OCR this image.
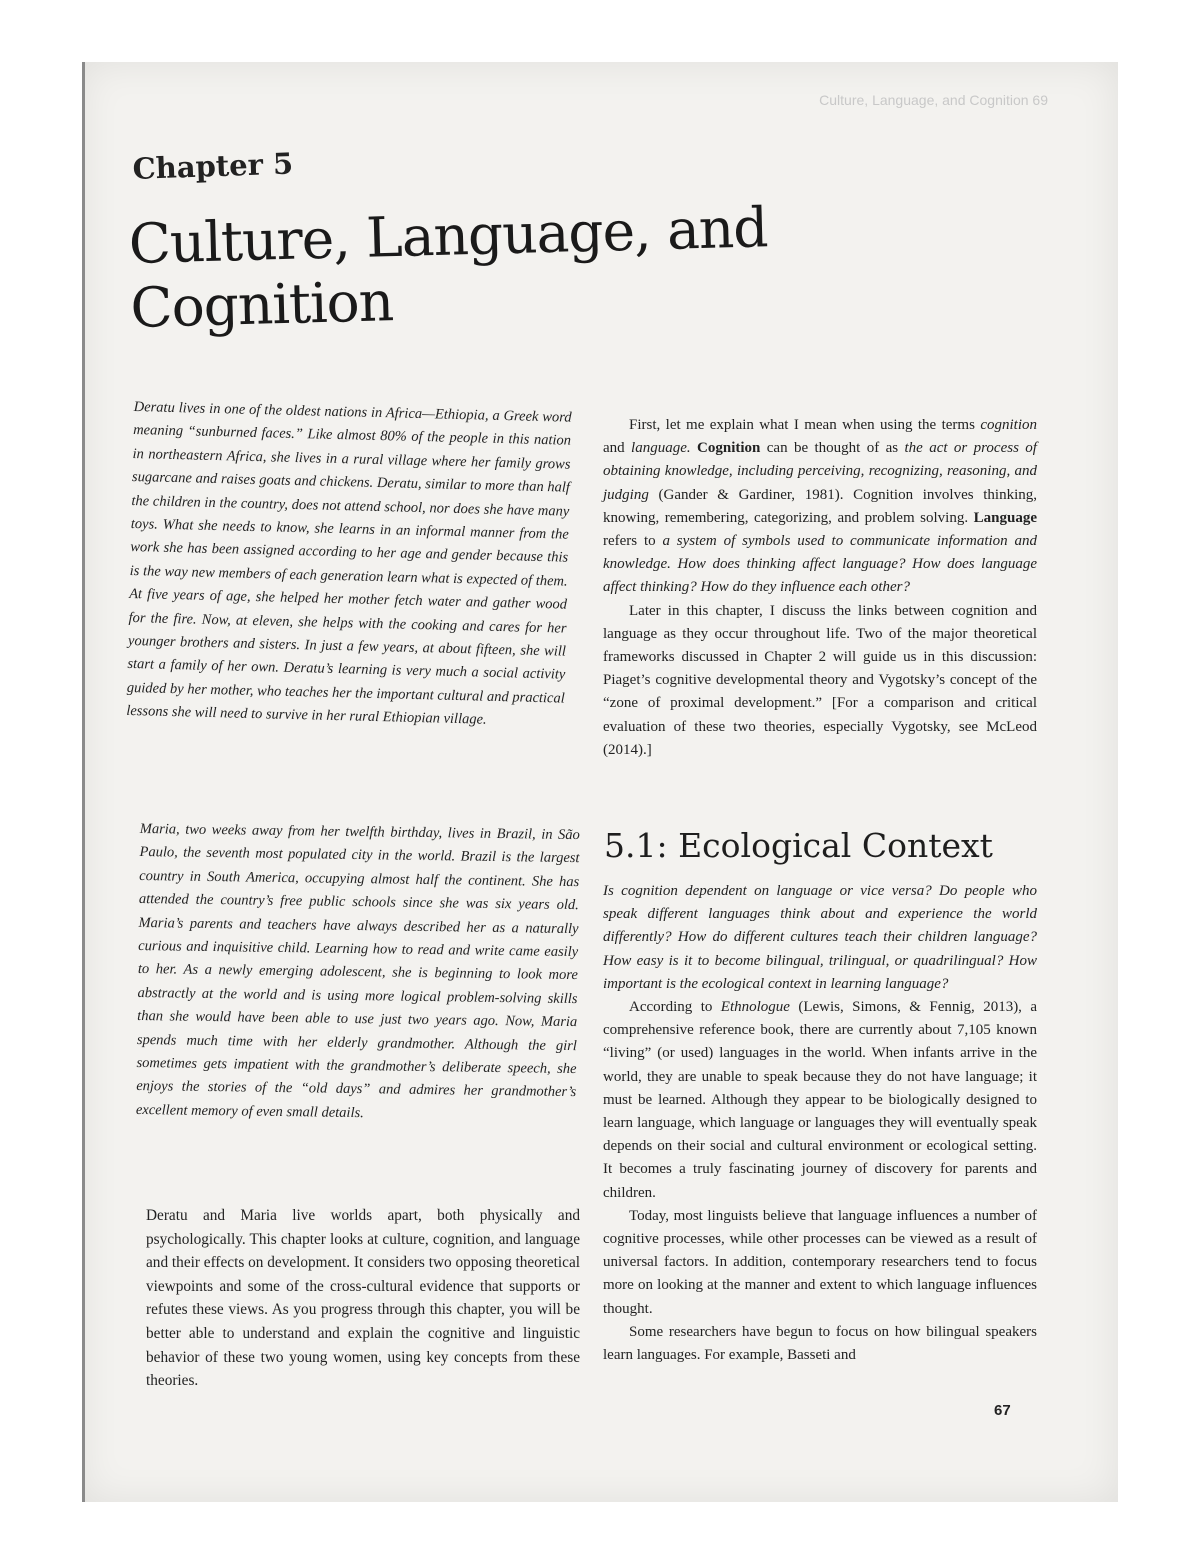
Culture, Language, and Cognition 69
Chapter 5
Culture, Language, and Cognition
Deratu lives in one of the oldest nations in Africa—Ethiopia, a Greek word meaning “sunburned faces.” Like almost 80% of the people in this nation in northeastern Africa, she lives in a rural village where her family grows sugarcane and raises goats and chickens. Deratu, similar to more than half the children in the country, does not attend school, nor does she have many toys. What she needs to know, she learns in an informal manner from the work she has been assigned according to her age and gender because this is the way new members of each generation learn what is expected of them. At five years of age, she helped her mother fetch water and gather wood for the fire. Now, at eleven, she helps with the cooking and cares for her younger brothers and sisters. In just a few years, at about fifteen, she will start a family of her own. Deratu’s learning is very much a social activity guided by her mother, who teaches her the important cultural and practical lessons she will need to survive in her rural Ethiopian village.
Maria, two weeks away from her twelfth birthday, lives in Brazil, in São Paulo, the seventh most populated city in the world. Brazil is the largest country in South America, occupying almost half the continent. She has attended the country’s free public schools since she was six years old. Maria’s parents and teachers have always described her as a naturally curious and inquisitive child. Learning how to read and write came easily to her. As a newly emerging adolescent, she is beginning to look more abstractly at the world and is using more logical problem-solving skills than she would have been able to use just two years ago. Now, Maria spends much time with her elderly grandmother. Although the girl sometimes gets impatient with the grandmother’s deliberate speech, she enjoys the stories of the “old days” and admires her grandmother’s excellent memory of even small details.
Deratu and Maria live worlds apart, both physically and psychologically. This chapter looks at culture, cognition, and language and their effects on development. It considers two opposing theoretical viewpoints and some of the cross-cultural evidence that supports or refutes these views. As you progress through this chapter, you will be better able to understand and explain the cognitive and linguistic behavior of these two young women, using key concepts from these theories.

First, let me explain what I mean when using the terms cognition and language. Cognition can be thought of as the act or process of obtaining knowledge, including perceiving, recognizing, reasoning, and judging (Gander & Gardiner, 1981). Cognition involves thinking, knowing, remembering, categorizing, and problem solving. Language refers to a system of symbols used to communicate information and knowledge. How does thinking affect language? How does language affect thinking? How do they influence each other?

Later in this chapter, I discuss the links between cognition and language as they occur throughout life. Two of the major theoretical frameworks discussed in Chapter 2 will guide us in this discussion: Piaget’s cognitive developmental theory and Vygotsky’s concept of the “zone of proximal development.” [For a comparison and critical evaluation of these two theories, especially Vygotsky, see McLeod (2014).]

5.1: Ecological Context

Is cognition dependent on language or vice versa? Do people who speak different languages think about and experience the world differently? How do different cultures teach their children language? How easy is it to become bilingual, trilingual, or quadrilingual? How important is the ecological context in learning language?

According to Ethnologue (Lewis, Simons, & Fennig, 2013), a comprehensive reference book, there are currently about 7,105 known “living” (or used) languages in the world. When infants arrive in the world, they are unable to speak because they do not have language; it must be learned. Although they appear to be biologically designed to learn language, which language or languages they will eventually speak depends on their social and cultural environment or ecological setting. It becomes a truly fascinating journey of discovery for parents and children.

Today, most linguists believe that language influences a number of cognitive processes, while other processes can be viewed as a result of universal factors. In addition, contemporary researchers tend to focus more on looking at the manner and extent to which language influences thought.

Some researchers have begun to focus on how bilingual speakers learn languages. For example, Basseti and

67
